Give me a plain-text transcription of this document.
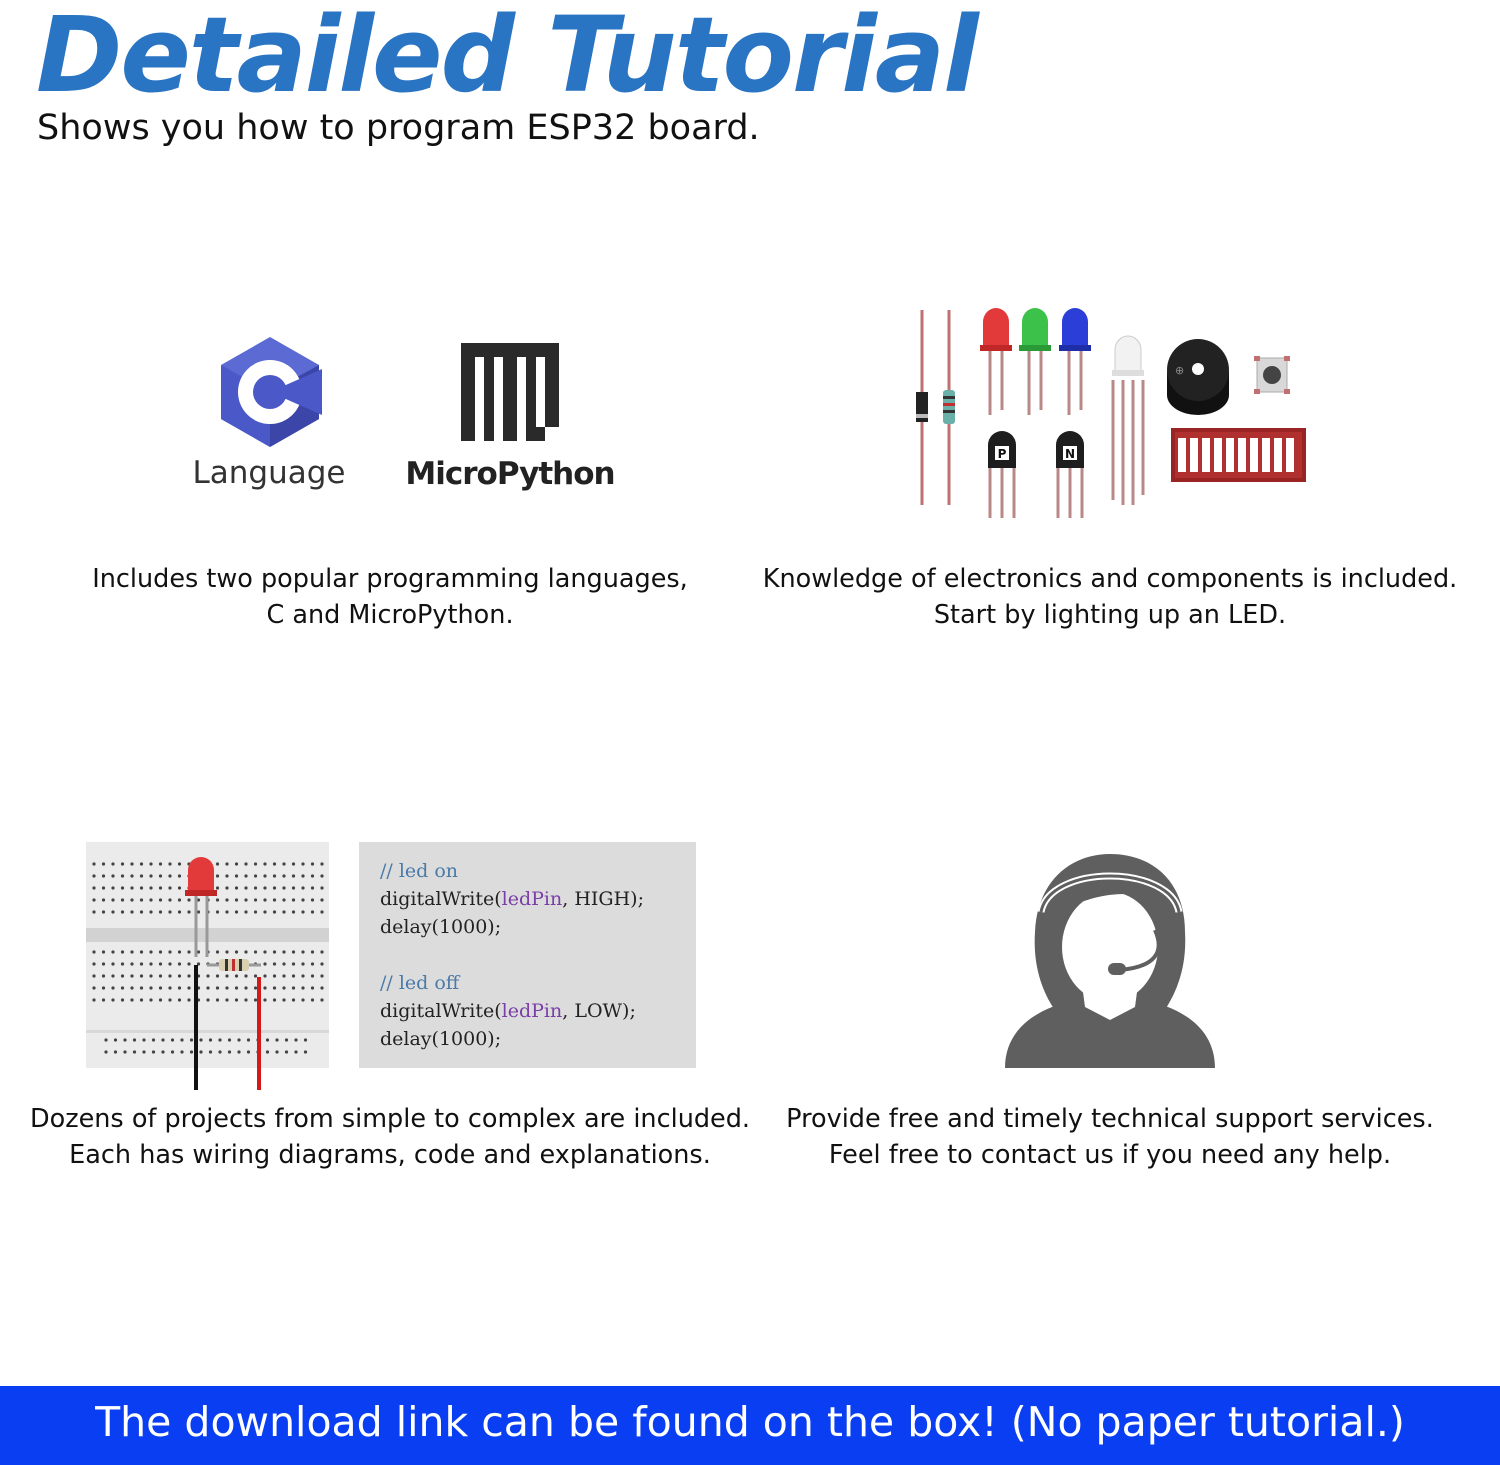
Detailed Tutorial
Shows you how to program ESP32 board.
Language	MicroPython
Includes two popular programming languages,
C and MicroPython.
P	N
⊕
Knowledge of electronics and components is included.
Start by lighting up an LED.
// led on
digitalWrite(ledPin, HIGH);
delay(1000);
// led off
digitalWrite(ledPin, LOW);
delay(1000);
Dozens of projects from simple to complex are included.
Each has wiring diagrams, code and explanations.
Provide free and timely technical support services.
Feel free to contact us if you need any help.
The download link can be found on the box! (No paper tutorial.)
